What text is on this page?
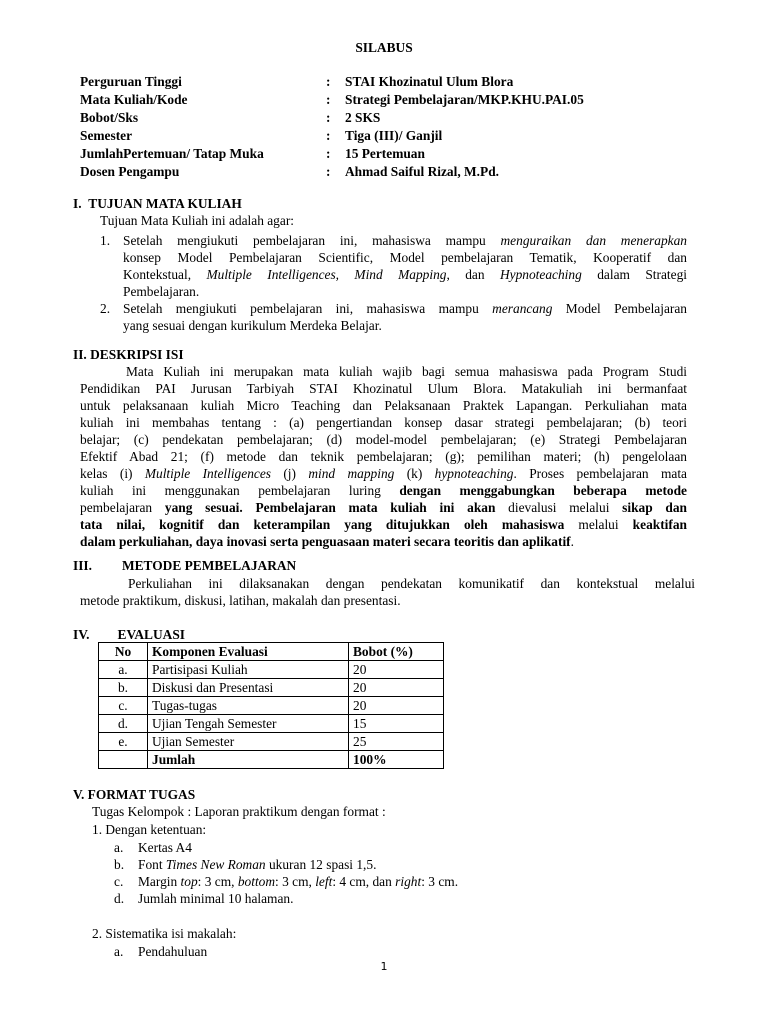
SILABUS
Perguruan Tinggi	: STAI Khozinatul Ulum Blora
Mata Kuliah/Kode	: Strategi Pembelajaran/MKP.KHU.PAI.05
Bobot/Sks	: 2 SKS
Semester	: Tiga (III)/ Ganjil
JumlahPertemuan/ Tatap Muka	: 15 Pertemuan
Dosen Pengampu	: Ahmad Saiful Rizal, M.Pd.
I. TUJUAN MATA KULIAH
Tujuan Mata Kuliah ini adalah agar:
1. Setelah mengiukuti pembelajaran ini, mahasiswa mampu menguraikan dan menerapkan
konsep Model Pembelajaran Scientific, Model pembelajaran Tematik, Kooperatif dan
Kontekstual, Multiple Intelligences, Mind Mapping, dan Hypnoteaching dalam Strategi
Pembelajaran.
2. Setelah mengiukuti pembelajaran ini, mahasiswa mampu merancang Model Pembelajaran
yang sesuai dengan kurikulum Merdeka Belajar.
II. DESKRIPSI ISI
Mata Kuliah ini merupakan mata kuliah wajib bagi semua mahasiswa pada Program Studi
Pendidikan PAI Jurusan Tarbiyah STAI Khozinatul Ulum Blora. Matakuliah ini bermanfaat
untuk pelaksanaan kuliah Micro Teaching dan Pelaksanaan Praktek Lapangan. Perkuliahan mata
kuliah ini membahas tentang : (a) pengertiandan konsep dasar strategi pembelajaran; (b) teori
belajar; (c) pendekatan pembelajaran; (d) model-model pembelajaran; (e) Strategi Pembelajaran
Efektif Abad 21; (f) metode dan teknik pembelajaran; (g); pemilihan materi; (h) pengelolaan
kelas (i) Multiple Intelligences (j) mind mapping (k) hypnoteaching. Proses pembelajaran mata
kuliah ini menggunakan pembelajaran luring dengan menggabungkan beberapa metode
pembelajaran yang sesuai. Pembelajaran mata kuliah ini akan dievalusi melalui sikap dan
tata nilai, kognitif dan keterampilan yang ditujukkan oleh mahasiswa melalui keaktifan
dalam perkuliahan, daya inovasi serta penguasaan materi secara teoritis dan aplikatif.
III. METODE PEMBELAJARAN
Perkuliahan ini dilaksanakan dengan pendekatan komunikatif dan kontekstual melalui
metode praktikum, diskusi, latihan, makalah dan presentasi.
IV. EVALUASI
No	Komponen Evaluasi	Bobot (%)
a.	Partisipasi Kuliah	20
b.	Diskusi dan Presentasi	20
c.	Tugas-tugas	20
d.	Ujian Tengah Semester	15
e.	Ujian Semester	25
	Jumlah	100%
V. FORMAT TUGAS
Tugas Kelompok : Laporan praktikum dengan format :
1. Dengan ketentuan:
a. Kertas A4
b. Font Times New Roman ukuran 12 spasi 1,5.
c. Margin top: 3 cm, bottom: 3 cm, left: 4 cm, dan right: 3 cm.
d. Jumlah minimal 10 halaman.
2. Sistematika isi makalah:
a. Pendahuluan
1
